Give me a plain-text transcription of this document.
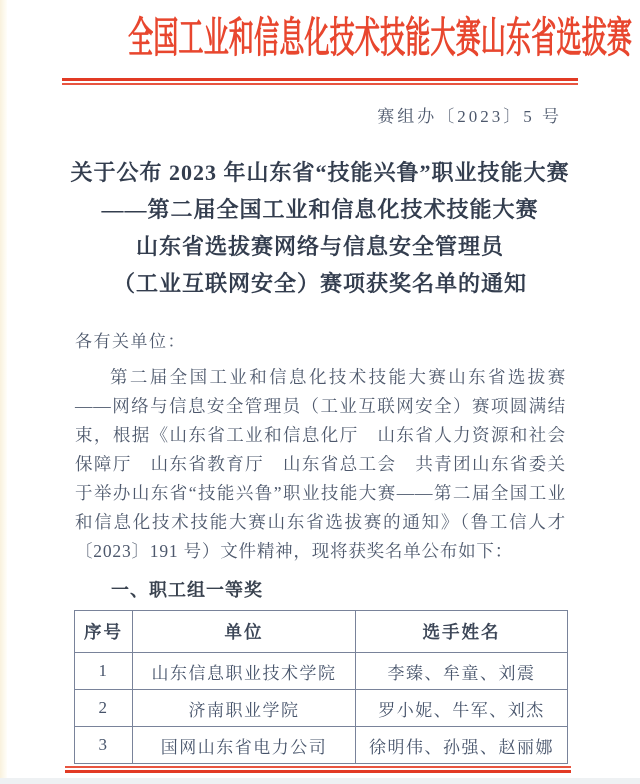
全国工业和信息化技术技能大赛山东省选拔赛
赛组办〔2023〕5 号
关于公布 2023 年山东省“技能兴鲁”职业技能大赛
——第二届全国工业和信息化技术技能大赛
山东省选拔赛网络与信息安全管理员
（工业互联网安全）赛项获奖名单的通知

各有关单位：

第二届全国工业和信息化技术技能大赛山东省选拔赛——网络与信息安全管理员（工业互联网安全）赛项圆满结束，根据《山东省工业和信息化厅　山东省人力资源和社会保障厅　山东省教育厅　山东省总工会　共青团山东省委关于举办山东省“技能兴鲁”职业技能大赛——第二届全国工业和信息化技术技能大赛山东省选拔赛的通知》（鲁工信人才〔2023〕191 号）文件精神，现将获奖名单公布如下：

一、职工组一等奖
序号	单位	选手姓名
1	山东信息职业技术学院	李臻、牟童、刘震
2	济南职业学院	罗小妮、牛军、刘杰
3	国网山东省电力公司	徐明伟、孙强、赵丽娜
